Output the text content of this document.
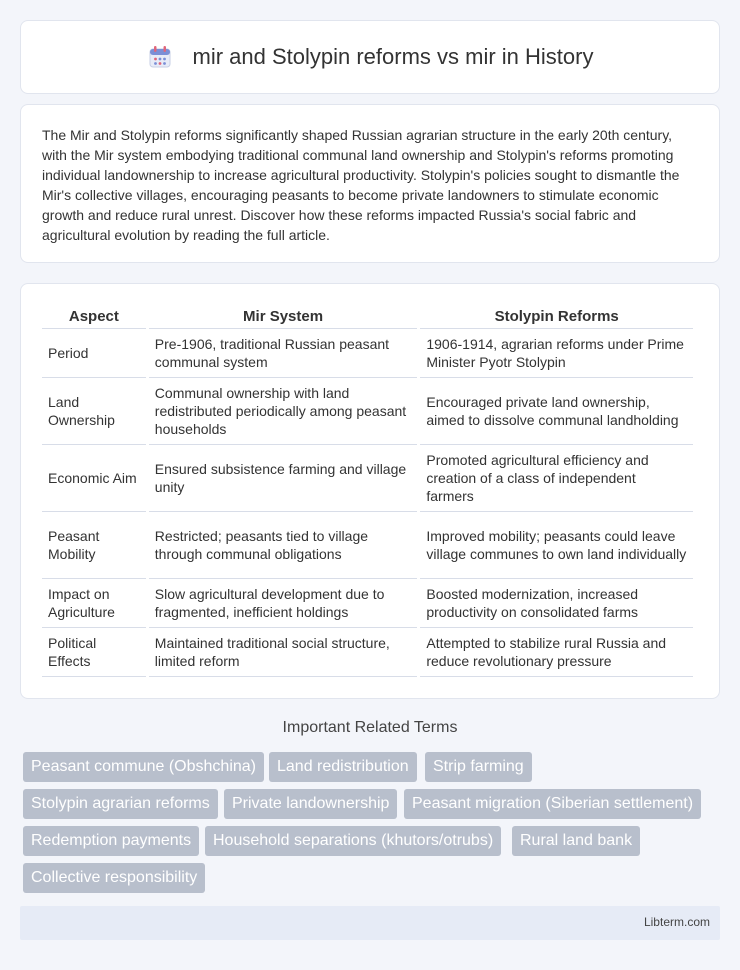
mir and Stolypin reforms vs mir in History

The Mir and Stolypin reforms significantly shaped Russian agrarian structure in the early 20th century, with the Mir system embodying traditional communal land ownership and Stolypin's reforms promoting individual landownership to increase agricultural productivity. Stolypin's policies sought to dismantle the Mir's collective villages, encouraging peasants to become private landowners to stimulate economic growth and reduce rural unrest. Discover how these reforms impacted Russia's social fabric and agricultural evolution by reading the full article.

Aspect	Mir System	Stolypin Reforms
Period	Pre-1906, traditional Russian peasant communal system	1906-1914, agrarian reforms under Prime Minister Pyotr Stolypin
Land Ownership	Communal ownership with land redistributed periodically among peasant households	Encouraged private land ownership, aimed to dissolve communal landholding
Economic Aim	Ensured subsistence farming and village unity	Promoted agricultural efficiency and creation of a class of independent farmers
Peasant Mobility	Restricted; peasants tied to village through communal obligations	Improved mobility; peasants could leave village communes to own land individually
Impact on Agriculture	Slow agricultural development due to fragmented, inefficient holdings	Boosted modernization, increased productivity on consolidated farms
Political Effects	Maintained traditional social structure, limited reform	Attempted to stabilize rural Russia and reduce revolutionary pressure
Important Related Terms
Peasant commune (Obshchina)	Land redistribution	Strip farming
Stolypin agrarian reforms	Private landownership	Peasant migration (Siberian settlement)
Redemption payments	Household separations (khutors/otrubs)	Rural land bank
Collective responsibility
Libterm.com
